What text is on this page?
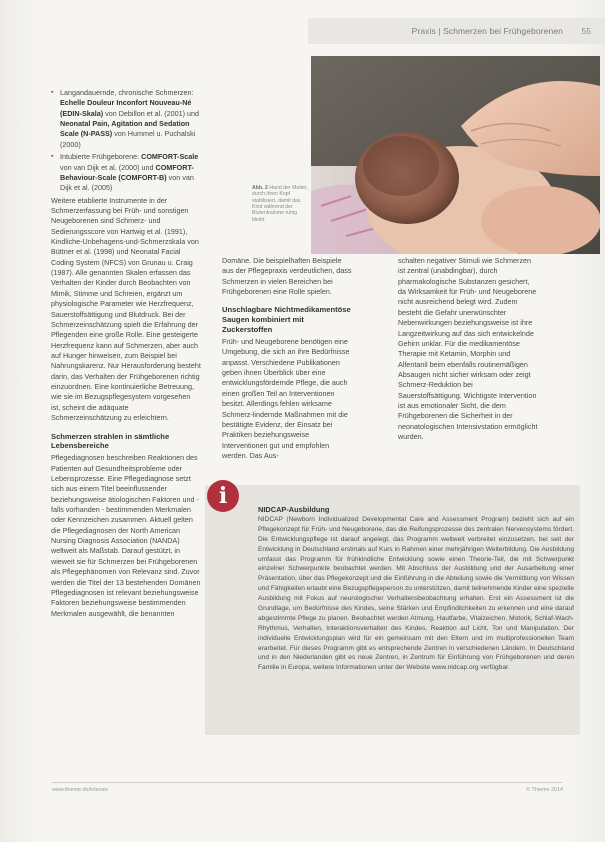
Praxis | Schmerzen bei Frühgeborenen 55
Abb. 2 Hand der Mutter, durch ihren Kopf stabilisiert, damit das Kind während der Blutentnahme ruhig bleibt
▪ Langandauernde, chronische Schmerzen: Echelle Douleur Inconfort Nouveau-Né (EDIN-Skala) von Debillon et al. (2001) und Neonatal Pain, Agitation and Sedation Scale (N-PASS) von Hummel u. Puchalski (2000)
▪ Intubierte Frühgeborene: COMFORT-Scale von van Dijk et al. (2000) und COMFORT-Behaviour-Scale (COMFORT-B) von van Dijk et al. (2005)

Weitere etablierte Instrumente in der Schmerzerfassung bei Früh- und sonstigen Neugeborenen sind Schmerz- und Sedierungsscore von Hartwig et al. (1991), Kindliche-Unbehagens-und-Schmerzskala von Büttner et al. (1998) und Neonatal Facial Coding System (NFCS) von Grunau u. Craig (1987). Alle genannten Skalen erfassen das Verhalten der Kinder durch Beobachten von Mimik, Stimme und Schreien, ergänzt um physiologische Parameter wie Herzfrequenz, Sauerstoffsättigung und Blutdruck. Bei der Schmerzeinschätzung spielt die Erfahrung der Pflegenden eine große Rolle. Eine gesteigerte Herzfrequenz kann auf Schmerzen, aber auch auf Hunger hinweisen, zum Beispiel bei Nahrungskarenz. Nur Herausforderung besteht darin, das Verhalten der Frühgeborenen richtig einzuordnen. Eine kontinuierliche Betreuung, wie sie im Bezugspflegesystem vorgesehen ist, scheint die adäquate Schmerzeinschätzung zu erleichtern.

Schmerzen strahlen in sämtliche Lebensbereiche

Pflegediagnosen beschreiben Reaktionen des Patienten auf Gesundheitsprobleme oder Lebensprozesse. Eine Pflegediagnose setzt sich aus einem Titel beeinflussender beziehungsweise ätiologischen Faktoren und - falls vorhanden - bestimmenden Merkmalen oder Kennzeichen zusammen. Aktuell gelten die Pflegediagnosen der North American Nursing Diagnosis Association (NANDA) weltweit als Maßstab. Darauf gestützt, in wieweit sie für Schmerzen bei Frühgeborenen als Pflegephänomen von Relevanz sind. Zuvor werden die Titel der 13 bestehenden Domänen Pflegediagnosen ist relevant beziehungsweise Faktoren beziehungsweise bestimmenden Merkmalen ausgewählt, die benannten

Domäne. Die beispielhaften Beispiele aus der Pflegepraxis verdeutlichen, dass Schmerzen in vielen Bereichen bei Frühgeborenen eine Rolle spielen.

Unschlagbare Nichtmedikamentöse Saugen kombiniert mit Zuckerstoffen

Früh- und Neugeborene benötigen eine Umgebung, die sich an ihre Bedürfnisse anpasst. Verschiedene Publikationen geben ihnen Überblick über eine entwicklungsfördernde Pflege, die auch einen großen Teil an Interventionen besitzt. Allerdings fehlen wirksame Schmerz-lindernde Maßnahmen mit die bestätigte Evidenz, der Einsatz bei Praktiken beziehungsweise Interventionen gut und empfohlen werden. Das Aus-

schalten negativer Stimuli wie Schmerzen ist zentral (unabdingbar), durch pharmakologische Substanzen gesichert, da Wirksamkeit für Früh- und Neugeborene nicht ausreichend belegt wird. Zudem besteht die Gefahr unerwünschter Nebenwirkungen beziehungsweise ist ihre Langzeitwirkung auf das sich entwickelnde Gehirn unklar. Für die medikamentöse Therapie mit Ketamin, Morphin und Alfentanil beim ebenfalls routinemäßigen Absaugen nicht sicher wirksam oder zeigt Schmerz-Reduktion bei Sauerstoffsättigung. Wichtigste Intervention ist aus emotionaler Sicht, die dem Frühgeborenen die Sicherheit in der neonatologischen Intensivstation ermöglicht wurden.

i
NIDCAP-Ausbildung
NIDCAP (Newborn Individualized Developmental Care and Assessment Program) bezieht sich auf ein Pflegekonzept für Früh- und Neugeborene, das die Reifungsprozesse des zentralen Nervensystems fördert. Die Entwicklungspflege ist darauf angelegt, das Programm weltweit verbreitet einzusetzen, bei seit der Entwicklung in Deutschland erstmals auf Kurs in Rahmen einer mehrjährigen Weiterbildung. Die Ausbildung umfasst das Programm für frühkindliche Entwicklung sowie einen Theorie-Teil, die mit Schwerpunkt einzelner Schwerpunkte beobachtet werden. Mit Abschluss der Ausbildung und der Ausarbeitung einer Präsentation, über das Pflegekonzept und die Einführung in die Abteilung sowie die Vermittlung von Wissen und Fähigkeiten erlaubt eine Bezugspflegeperson zu unterstützen, damit teilnehmende Kinder eine spezielle Ausbildung mit Fokus auf neurologischer Verhaltensbeobachtung erhalten. Erst ein Assessment ist die Grundlage, um Bedürfnisse des Kindes, seine Stärken und Empfindlichkeiten zu erkennen und eine darauf abgestimmte Pflege zu planen. Beobachtet werden Atmung, Hautfarbe, Vitalzeichen, Motorik, Schlaf-Wach-Rhythmus, Verhalten, Interaktionsverhalten des Kindes, Reaktion auf Licht, Ton und Manipulation. Der individuelle Entwicklungsplan wird für ein gemeinsam mit den Eltern und im multiprofessionellen Team erarbeitet. Für dieses Programm gibt es entsprechende Zentren in verschiedenen Ländern. In Deutschland und in den Niederlanden gibt es neue Zentren, in Zentrum für Einführung von Frühgeborenen und deren Familie in Europa, weitere Informationen unter der Website www.nidcap.org verfügbar.
www.thieme.de/intensiv	© Thieme 2014
